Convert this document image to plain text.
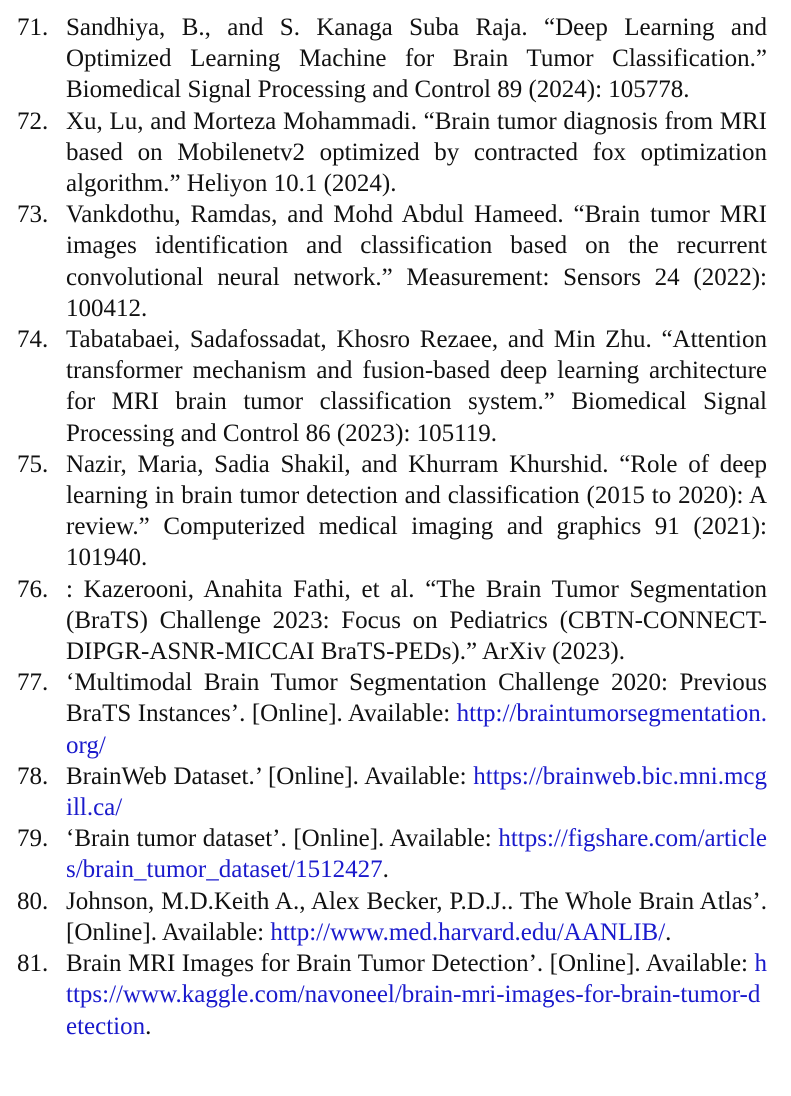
71. Sandhiya, B., and S. Kanaga Suba Raja. “Deep Learning and Optimized Learning Machine for Brain Tumor Classification.” Biomedical Signal Processing and Control 89 (2024): 105778.
72. Xu, Lu, and Morteza Mohammadi. “Brain tumor diagnosis from MRI based on Mobilenetv2 optimized by contracted fox optimization algorithm.” Heliyon 10.1 (2024).
73. Vankdothu, Ramdas, and Mohd Abdul Hameed. “Brain tumor MRI images identification and classification based on the recurrent convolutional neural network.” Measurement: Sensors 24 (2022): 100412.
74. Tabatabaei, Sadafossadat, Khosro Rezaee, and Min Zhu. “Attention transformer mechanism and fusion-based deep learning architecture for MRI brain tumor classification system.” Biomedical Signal Processing and Control 86 (2023): 105119.
75. Nazir, Maria, Sadia Shakil, and Khurram Khurshid. “Role of deep learning in brain tumor detection and classification (2015 to 2020): A review.” Computerized medical imaging and graphics 91 (2021): 101940.
76. : Kazerooni, Anahita Fathi, et al. “The Brain Tumor Segmentation (BraTS) Challenge 2023: Focus on Pediatrics (CBTN-CONNECT-DIPGR-ASNR-MICCAI BraTS-PEDs).” ArXiv (2023).
77. ‘Multimodal Brain Tumor Segmentation Challenge 2020: Previous BraTS Instances’. [Online]. Available: http://braintumorsegmentation.org/
78. BrainWeb Dataset.’ [Online]. Available: https://brainweb.bic.mni.mcgill.ca/
79. ‘Brain tumor dataset’. [Online]. Available: https://figshare.com/articles/brain_tumor_dataset/1512427.
80. Johnson, M.D.Keith A., Alex Becker, P.D.J.. The Whole Brain Atlas’. [Online]. Available: http://www.med.harvard.edu/AANLIB/.
81. Brain MRI Images for Brain Tumor Detection’. [Online]. Available: https://www.kaggle.com/navoneel/brain-mri-images-for-brain-tumor-detection.
